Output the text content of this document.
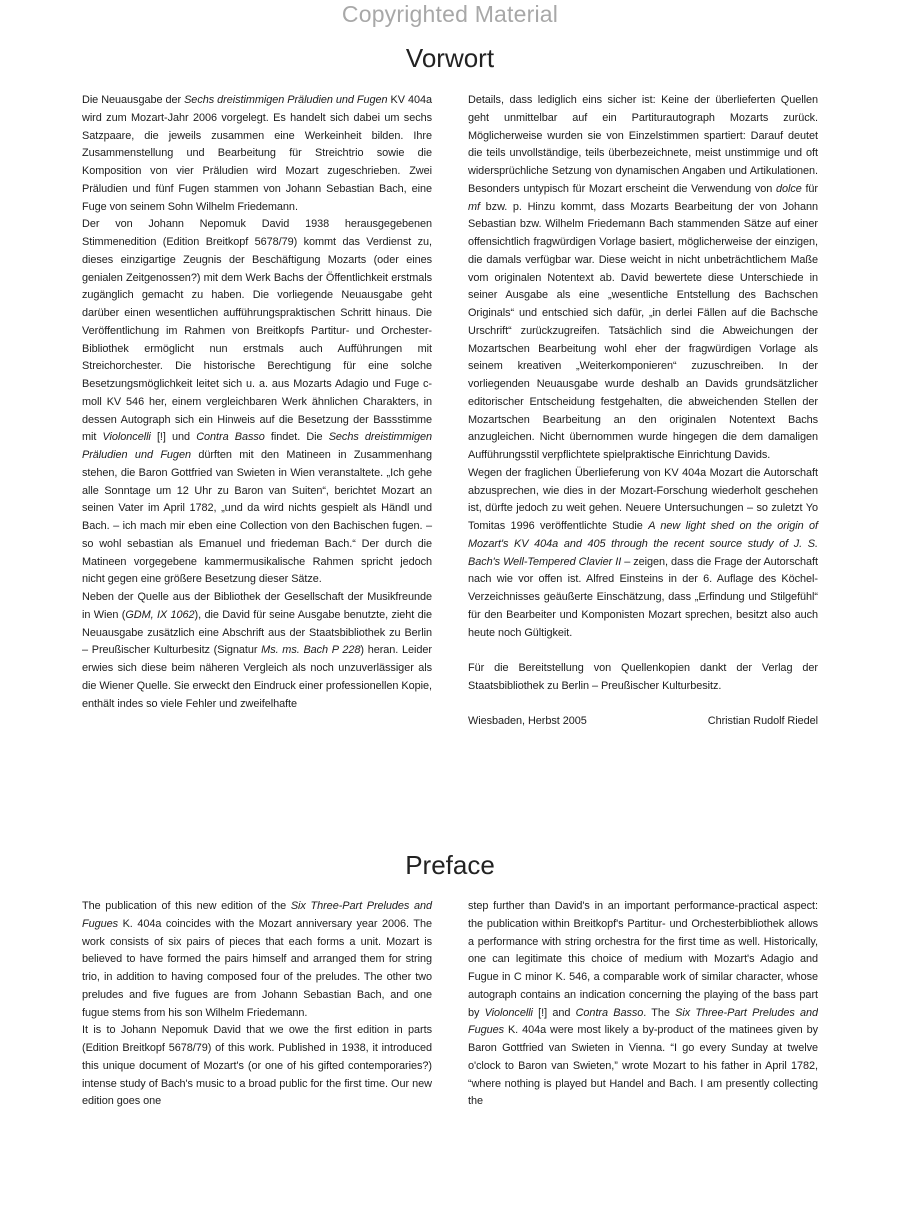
Copyrighted Material
Vorwort

Die Neuausgabe der Sechs dreistimmigen Präludien und Fugen KV 404a wird zum Mozart-Jahr 2006 vorgelegt. Es handelt sich dabei um sechs Satzpaare, die jeweils zusammen eine Werkeinheit bilden. Ihre Zusammenstellung und Bearbeitung für Streichtrio sowie die Komposition von vier Präludien wird Mozart zugeschrieben. Zwei Präludien und fünf Fugen stammen von Johann Sebastian Bach, eine Fuge von seinem Sohn Wilhelm Friedemann.

Der von Johann Nepomuk David 1938 herausgegebenen Stimmenedition (Edition Breitkopf 5678/79) kommt das Verdienst zu, dieses einzigartige Zeugnis der Beschäftigung Mozarts (oder eines genialen Zeitgenossen?) mit dem Werk Bachs der Öffentlichkeit erstmals zugänglich gemacht zu haben. Die vorliegende Neuausgabe geht darüber einen wesentlichen aufführungspraktischen Schritt hinaus. Die Veröffentlichung im Rahmen von Breitkopfs Partitur- und Orchester-Bibliothek ermöglicht nun erstmals auch Aufführungen mit Streichorchester. Die historische Berechtigung für eine solche Besetzungsmöglichkeit leitet sich u. a. aus Mozarts Adagio und Fuge c-moll KV 546 her, einem vergleichbaren Werk ähnlichen Charakters, in dessen Autograph sich ein Hinweis auf die Besetzung der Bassstimme mit Violoncelli [!] und Contra Basso findet. Die Sechs dreistimmigen Präludien und Fugen dürften mit den Matineen in Zusammenhang stehen, die Baron Gottfried van Swieten in Wien veranstaltete. „Ich gehe alle Sonntage um 12 Uhr zu Baron van Suiten“, berichtet Mozart an seinen Vater im April 1782, „und da wird nichts gespielt als Händl und Bach. – ich mach mir eben eine Collection von den Bachischen fugen. – so wohl sebastian als Emanuel und friedeman Bach.“ Der durch die Matineen vorgegebene kammermusikalische Rahmen spricht jedoch nicht gegen eine größere Besetzung dieser Sätze.

Neben der Quelle aus der Bibliothek der Gesellschaft der Musikfreunde in Wien (GDM, IX 1062), die David für seine Ausgabe benutzte, zieht die Neuausgabe zusätzlich eine Abschrift aus der Staatsbibliothek zu Berlin – Preußischer Kulturbesitz (Signatur Ms. ms. Bach P 228) heran. Leider erwies sich diese beim näheren Vergleich als noch unzuverlässiger als die Wiener Quelle. Sie erweckt den Eindruck einer professionellen Kopie, enthält indes so viele Fehler und zweifelhafte

Details, dass lediglich eins sicher ist: Keine der überlieferten Quellen geht unmittelbar auf ein Partiturautograph Mozarts zurück. Möglicherweise wurden sie von Einzelstimmen spartiert: Darauf deutet die teils unvollständige, teils überbezeichnete, meist unstimmige und oft widersprüchliche Setzung von dynamischen Angaben und Artikulationen. Besonders untypisch für Mozart erscheint die Verwendung von dolce für mf bzw. p. Hinzu kommt, dass Mozarts Bearbeitung der von Johann Sebastian bzw. Wilhelm Friedemann Bach stammenden Sätze auf einer offensichtlich fragwürdigen Vorlage basiert, möglicherweise der einzigen, die damals verfügbar war. Diese weicht in nicht unbeträchtlichem Maße vom originalen Notentext ab. David bewertete diese Unterschiede in seiner Ausgabe als eine „wesentliche Entstellung des Bachschen Originals“ und entschied sich dafür, „in derlei Fällen auf die Bachsche Urschrift“ zurückzugreifen. Tatsächlich sind die Abweichungen der Mozartschen Bearbeitung wohl eher der fragwürdigen Vorlage als seinem kreativen „Weiterkomponieren“ zuzuschreiben. In der vorliegenden Neuausgabe wurde deshalb an Davids grundsätzlicher editorischer Entscheidung festgehalten, die abweichenden Stellen der Mozartschen Bearbeitung an den originalen Notentext Bachs anzugleichen. Nicht übernommen wurde hingegen die dem damaligen Aufführungsstil verpflichtete spielpraktische Einrichtung Davids.

Wegen der fraglichen Überlieferung von KV 404a Mozart die Autorschaft abzusprechen, wie dies in der Mozart-Forschung wiederholt geschehen ist, dürfte jedoch zu weit gehen. Neuere Untersuchungen – so zuletzt Yo Tomitas 1996 veröffentlichte Studie A new light shed on the origin of Mozart's KV 404a and 405 through the recent source study of J. S. Bach's Well-Tempered Clavier II – zeigen, dass die Frage der Autorschaft nach wie vor offen ist. Alfred Einsteins in der 6. Auflage des Köchel-Verzeichnisses geäußerte Einschätzung, dass „Erfindung und Stilgefühl“ für den Bearbeiter und Komponisten Mozart sprechen, besitzt also auch heute noch Gültigkeit.

Für die Bereitstellung von Quellenkopien dankt der Verlag der Staatsbibliothek zu Berlin – Preußischer Kulturbesitz.

Wiesbaden, Herbst 2005	Christian Rudolf Riedel
Preface

The publication of this new edition of the Six Three-Part Preludes and Fugues K. 404a coincides with the Mozart anniversary year 2006. The work consists of six pairs of pieces that each forms a unit. Mozart is believed to have formed the pairs himself and arranged them for string trio, in addition to having composed four of the preludes. The other two preludes and five fugues are from Johann Sebastian Bach, and one fugue stems from his son Wilhelm Friedemann.

It is to Johann Nepomuk David that we owe the first edition in parts (Edition Breitkopf 5678/79) of this work. Published in 1938, it introduced this unique document of Mozart's (or one of his gifted contemporaries?) intense study of Bach's music to a broad public for the first time. Our new edition goes one

step further than David's in an important performance-practical aspect: the publication within Breitkopf's Partitur- und Orchesterbibliothek allows a performance with string orchestra for the first time as well. Historically, one can legitimate this choice of medium with Mozart's Adagio and Fugue in C minor K. 546, a comparable work of similar character, whose autograph contains an indication concerning the playing of the bass part by Violoncelli [!] and Contra Basso. The Six Three-Part Preludes and Fugues K. 404a were most likely a by-product of the matinees given by Baron Gottfried van Swieten in Vienna. “I go every Sunday at twelve o'clock to Baron van Swieten,” wrote Mozart to his father in April 1782, “where nothing is played but Handel and Bach. I am presently collecting the
